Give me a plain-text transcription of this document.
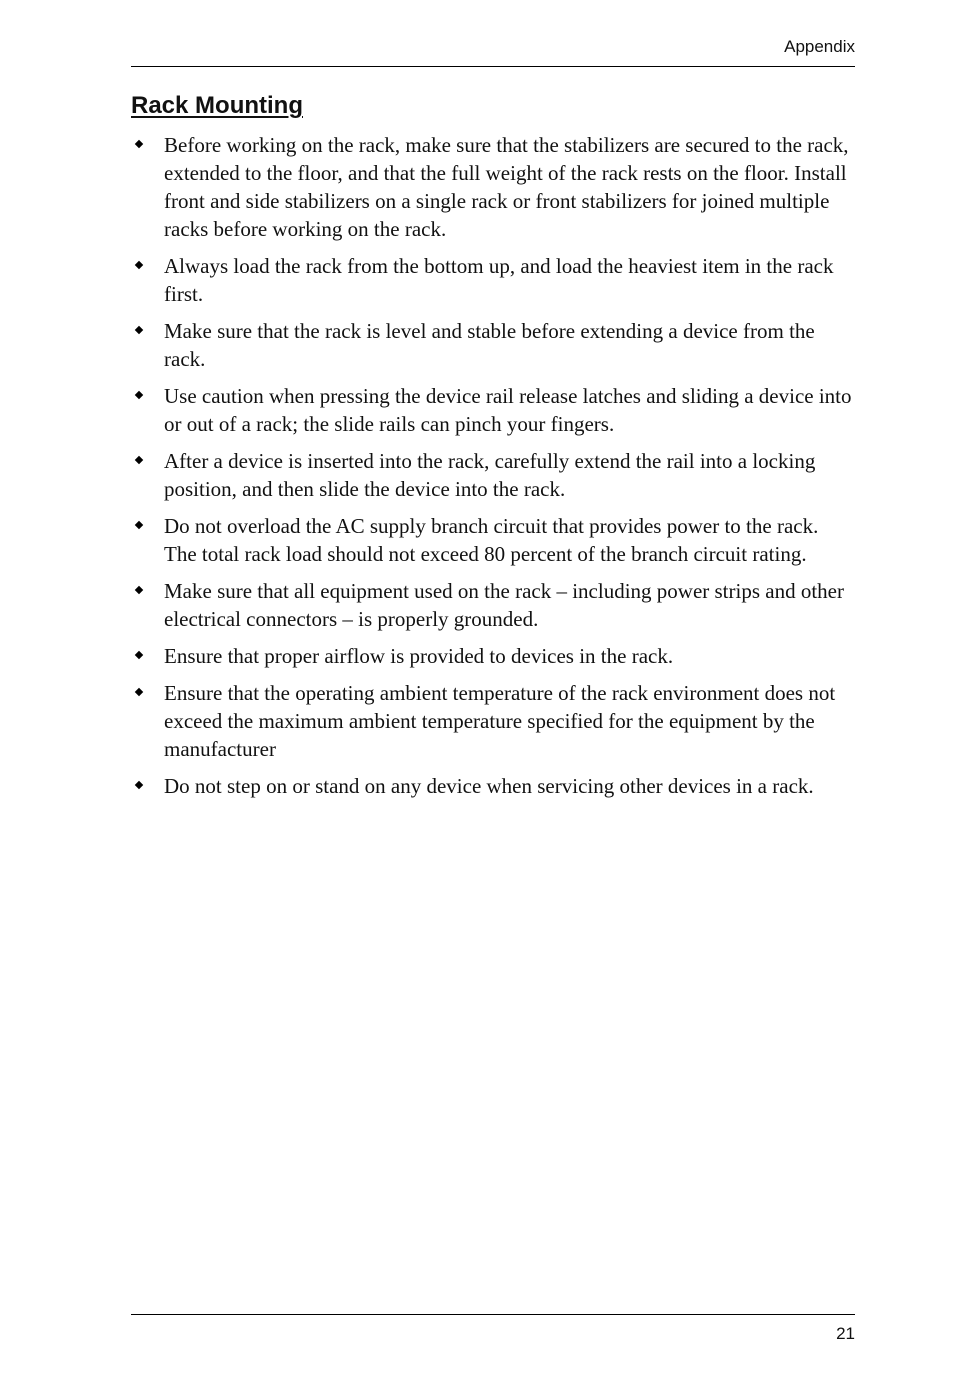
Appendix
Rack Mounting
Before working on the rack, make sure that the stabilizers are secured to the rack, extended to the floor, and that the full weight of the rack rests on the floor. Install front and side stabilizers on a single rack or front stabilizers for joined multiple racks before working on the rack.
Always load the rack from the bottom up, and load the heaviest item in the rack first.
Make sure that the rack is level and stable before extending a device from the rack.
Use caution when pressing the device rail release latches and sliding a device into or out of a rack; the slide rails can pinch your fingers.
After a device is inserted into the rack, carefully extend the rail into a locking position, and then slide the device into the rack.
Do not overload the AC supply branch circuit that provides power to the rack. The total rack load should not exceed 80 percent of the branch circuit rating.
Make sure that all equipment used on the rack – including power strips and other electrical connectors – is properly grounded.
Ensure that proper airflow is provided to devices in the rack.
Ensure that the operating ambient temperature of the rack environment does not exceed the maximum ambient temperature specified for the equipment by the manufacturer
Do not step on or stand on any device when servicing other devices in a rack.
21
